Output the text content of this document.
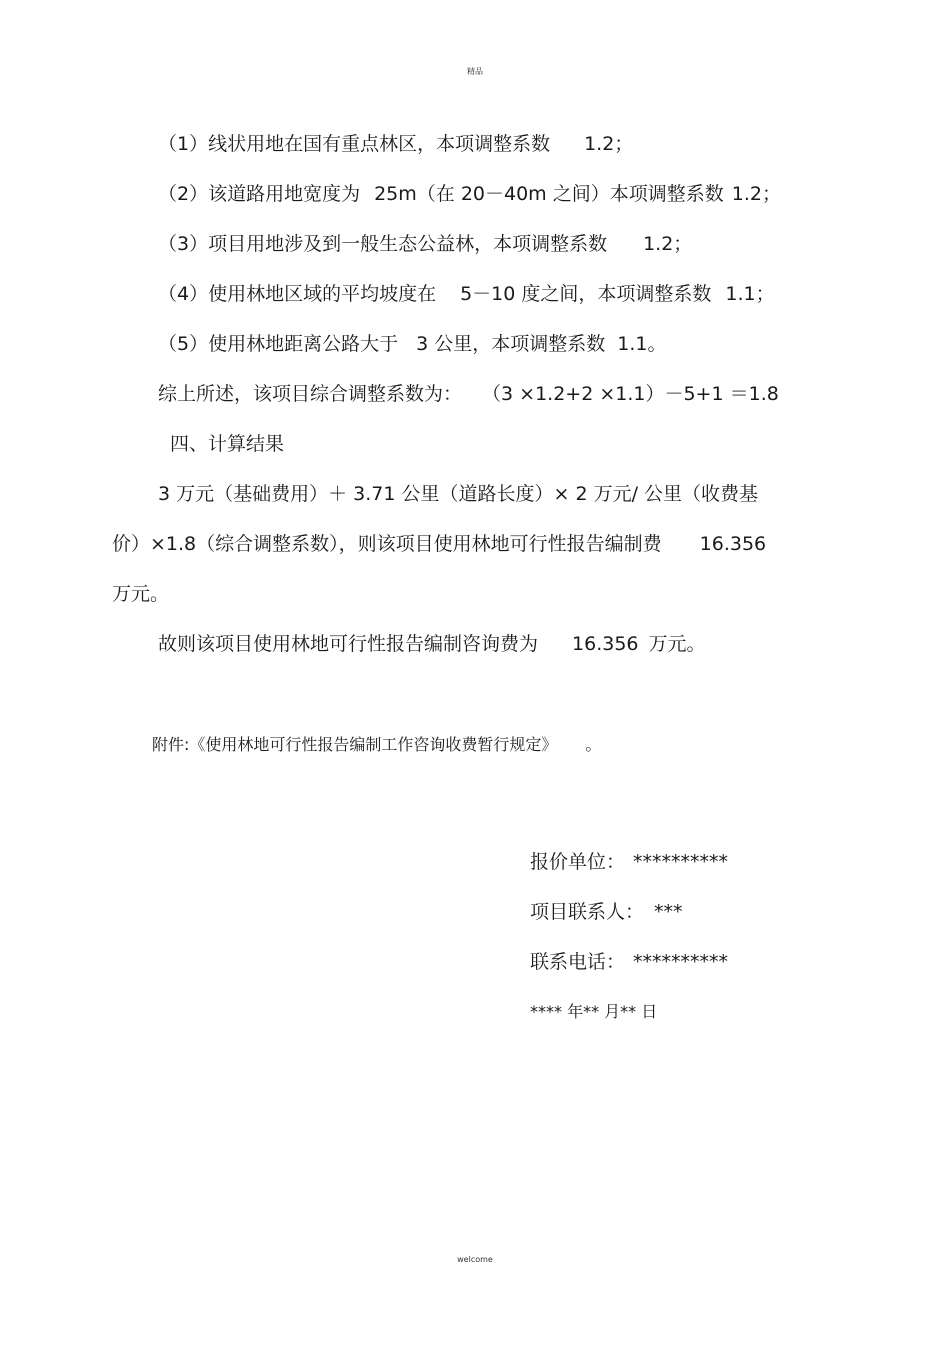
精品
（1）线状用地在国有重点林区，本项调整系数 1.2；
（2）该道路用地宽度为 25m（在 20－40m 之间）本项调整系数 1.2；
（3）项目用地涉及到一般生态公益林，本项调整系数 1.2；
（4）使用林地区域的平均坡度在 5－10 度之间，本项调整系数 1.1；
（5）使用林地距离公路大于 3 公里，本项调整系数 1.1。
综上所述，该项目综合调整系数为： （3 ×1.2+2 ×1.1）－5+1 ＝1.8
四、计算结果
3 万元（基础费用）＋ 3.71 公里（道路长度）× 2 万元/ 公里（收费基
价）×1.8（综合调整系数），则该项目使用林地可行性报告编制费 16.356
万元。
故则该项目使用林地可行性报告编制咨询费为 16.356 万元。
附件:《使用林地可行性报告编制工作咨询收费暂行规定》 。
报价单位： **********
项目联系人： ***
联系电话： **********
**** 年** 月** 日
welcome
